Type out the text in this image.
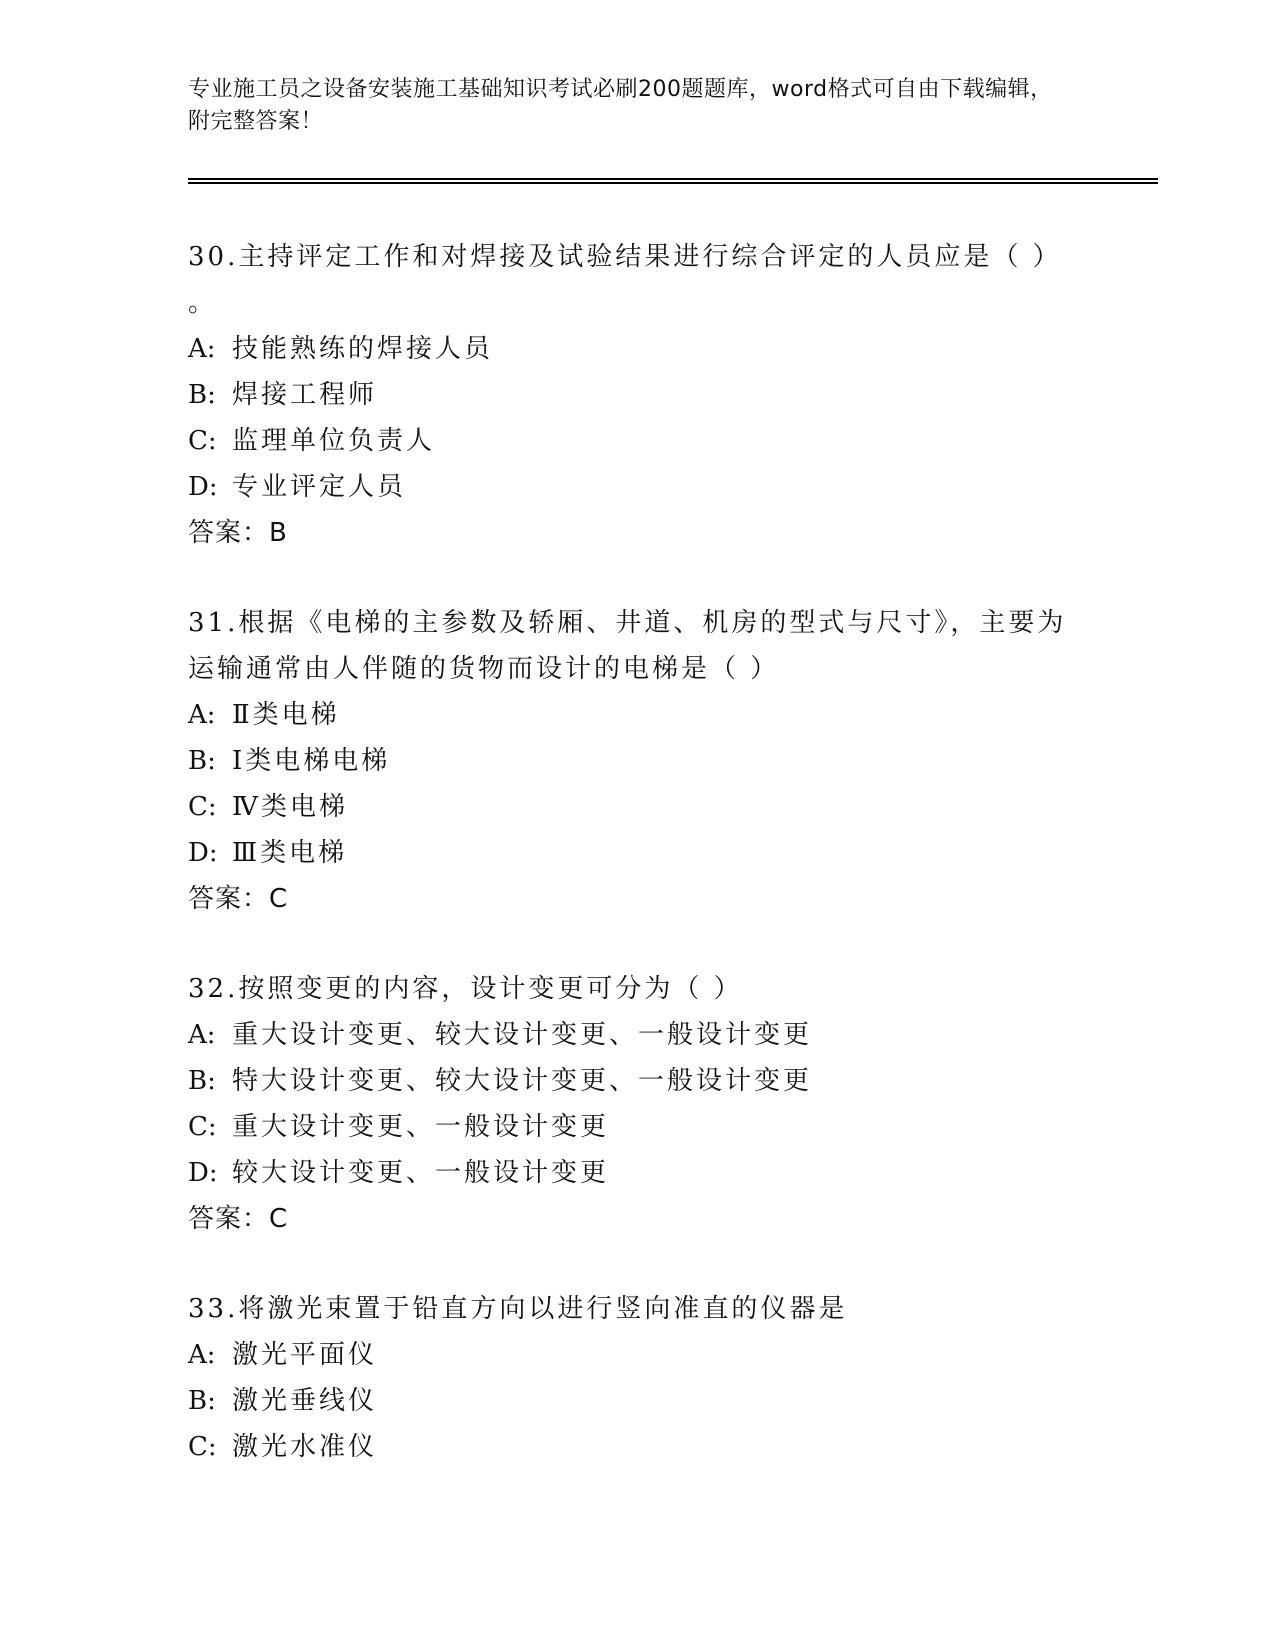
专业施工员之设备安装施工基础知识考试必刷200题题库，word格式可自由下载编辑，附完整答案！

30.主持评定工作和对焊接及试验结果进行综合评定的人员应是（ ）

。

A: 技能熟练的焊接人员

B: 焊接工程师

C: 监理单位负责人

D: 专业评定人员

答案：B

31.根据《电梯的主参数及轿厢、井道、机房的型式与尺寸》，主要为

运输通常由人伴随的货物而设计的电梯是（ ）

A: Ⅱ类电梯

B: Ⅰ类电梯电梯

C: Ⅳ类电梯

D: Ⅲ类电梯

答案：C

32.按照变更的内容，设计变更可分为（ ）

A: 重大设计变更、较大设计变更、一般设计变更

B: 特大设计变更、较大设计变更、一般设计变更

C: 重大设计变更、一般设计变更

D: 较大设计变更、一般设计变更

答案：C

33.将激光束置于铅直方向以进行竖向准直的仪器是

A: 激光平面仪

B: 激光垂线仪

C: 激光水准仪
